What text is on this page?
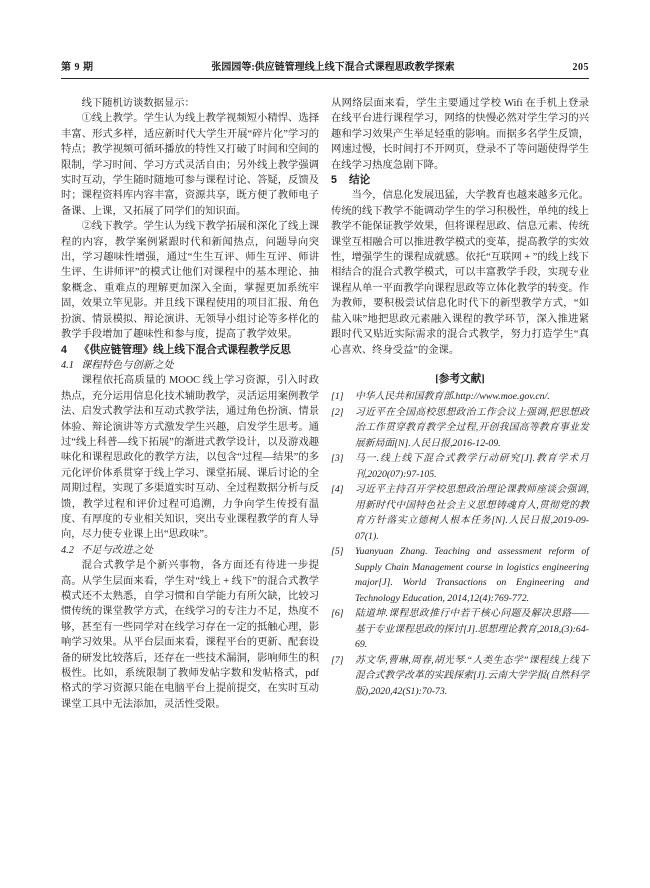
第 9 期	张园园等:供应链管理线上线下混合式课程思政教学探索	205

线下随机访谈数据显示：

①线上教学。学生认为线上教学视频短小精悍、选择丰富、形式多样，适应新时代大学生开展“碎片化”学习的特点；教学视频可循环播放的特性又打破了时间和空间的限制，学习时间、学习方式灵活自由；另外线上教学强调实时互动，学生随时随地可参与课程讨论、答疑，反馈及时；课程资料库内容丰富，资源共享，既方便了教师电子备课、上课，又拓展了同学们的知识面。

②线下教学。学生认为线下教学拓展和深化了线上课程的内容，教学案例紧跟时代和新闻热点，问题导向突出，学习趣味性增强，通过“生生互评、师生互评、师讲生评、生讲师评”的模式让他们对课程中的基本理论、抽象概念、重难点的理解更加深入全面，掌握更加系统牢固，效果立竿见影。并且线下课程使用的项目汇报、角色扮演、情景模拟、辩论演讲、无领导小组讨论等多样化的教学手段增加了趣味性和参与度，提高了教学效果。

4 《供应链管理》线上线下混合式课程教学反思
4.1 课程特色与创新之处

课程依托高质量的 MOOC 线上学习资源，引入时政热点，充分运用信息化技术辅助教学，灵活运用案例教学法、启发式教学法和互动式教学法，通过角色扮演、情景体验、辩论演讲等方式激发学生兴趣，启发学生思考。通过“线上科普—线下拓展”的渐进式教学设计，以及游戏趣味化和课程思政化的教学方法，以包含“过程—结果”的多元化评价体系贯穿于线上学习、课堂拓展、课后讨论的全周期过程，实现了多渠道实时互动、全过程数据分析与反馈，教学过程和评价过程可追溯，力争向学生传授有温度、有厚度的专业相关知识，突出专业课程教学的育人导向，尽力使专业课上出“思政味”。

4.2 不足与改进之处

混合式教学是个新兴事物，各方面还有待进一步提高。从学生层面来看，学生对“线上 + 线下”的混合式教学模式还不太熟悉，自学习惯和自学能力有所欠缺，比较习惯传统的课堂教学方式，在线学习的专注力不足，热度不够，甚至有一些同学对在线学习存在一定的抵触心理，影响学习效果。从平台层面来看，课程平台的更新、配套设备的研发比较落后，还存在一些技术漏洞，影响师生的积极性。比如，系统限制了教师发帖字数和发帖格式，pdf 格式的学习资源只能在电脑平台上提前提交，在实时互动课堂工具中无法添加，灵活性受限。

从网络层面来看，学生主要通过学校 Wifi 在手机上登录在线平台进行课程学习，网络的快慢必然对学生学习的兴趣和学习效果产生举足轻重的影响。而据多名学生反馈，网速过慢，长时间打不开网页，登录不了等问题使得学生在线学习热度急剧下降。

5 结论

当今，信息化发展迅猛，大学教育也越来越多元化。传统的线下教学不能调动学生的学习积极性，单纯的线上教学不能保证教学效果，但将课程思政、信息元素、传统课堂互相融合可以推进教学模式的变革，提高教学的实效性，增强学生的课程成就感。依托“互联网 + ”的线上线下相结合的混合式教学模式，可以丰富教学手段，实现专业课程从单一平面教学向课程思政等立体化教学的转变。作为教师，要积极尝试信息化时代下的新型教学方式，“如盐入味”地把思政元素融入课程的教学环节，深入推进紧跟时代又贴近实际需求的混合式教学，努力打造学生“真心喜欢、终身受益”的金课。

[参考文献]
[1] 中华人民共和国教育部.http://www.moe.gov.cn/.
[2] 习近平在全国高校思想政治工作会议上强调,把思想政治工作贯穿教育教学全过程,开创我国高等教育事业发展新局面[N].人民日报,2016-12-09.
[3] 马一.线上线下混合式教学行动研究[J].教育学术月刊,2020(07):97-105.
[4] 习近平主持召开学校思想政治理论课教师座谈会强调,用新时代中国特色社会主义思想铸魂育人,贯彻党的教育方针落实立德树人根本任务[N].人民日报,2019-09-07(1).
[5] Yuanyuan Zhang. Teaching and assessment reform of Supply Chain Management course in logistics engineering major[J]. World Transactions on Engineering and Technology Education, 2014,12(4):769-772.
[6] 陆道坤.课程思政推行中若干核心问题及解决思路——基于专业课程思政的探讨[J].思想理论教育,2018,(3):64-69.
[7] 苏文华,曹琳,周春,胡光琴.“人类生态学”课程线上线下混合式教学改革的实践探索[J].云南大学学报(自然科学版),2020,42(S1):70-73.
